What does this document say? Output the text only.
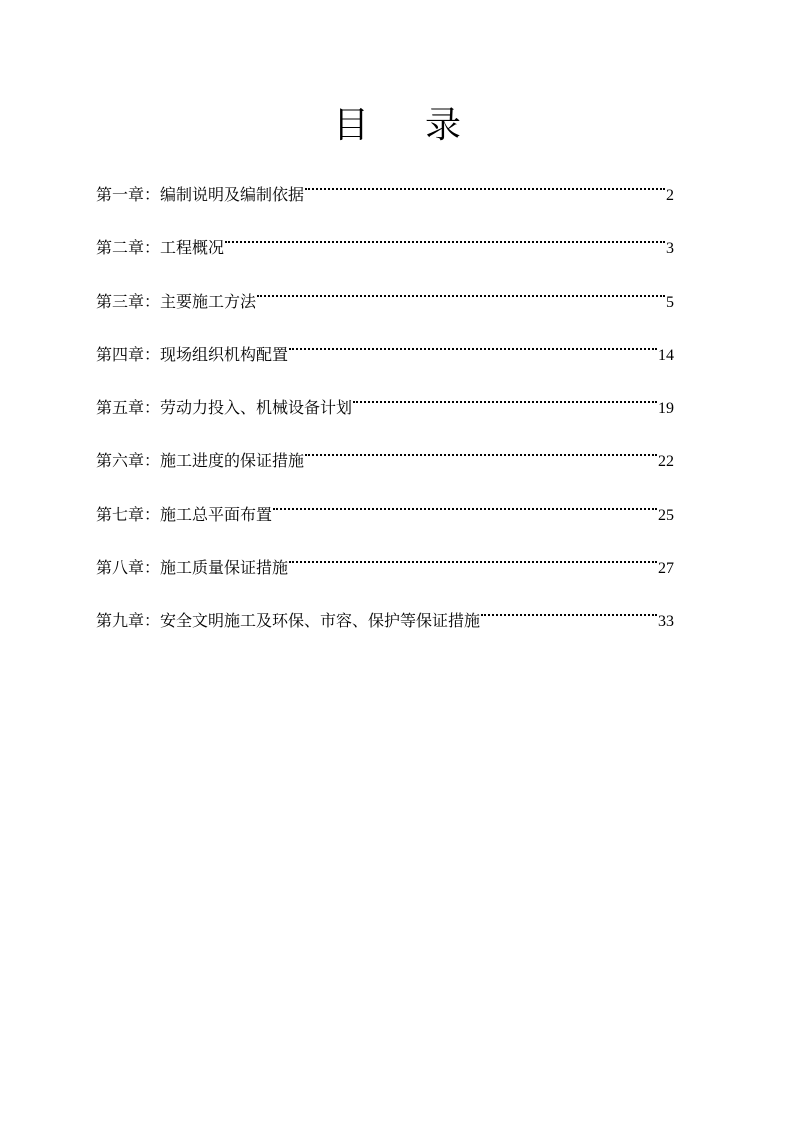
目 录
第一章： 编制说明及编制依据	2
第二章： 工程概况	3
第三章： 主要施工方法	5
第四章： 现场组织机构配置	14
第五章： 劳动力投入、机械设备计划	19
第六章： 施工进度的保证措施	22
第七章： 施工总平面布置	25
第八章： 施工质量保证措施	27
第九章： 安全文明施工及环保、市容、保护等保证措施	33
